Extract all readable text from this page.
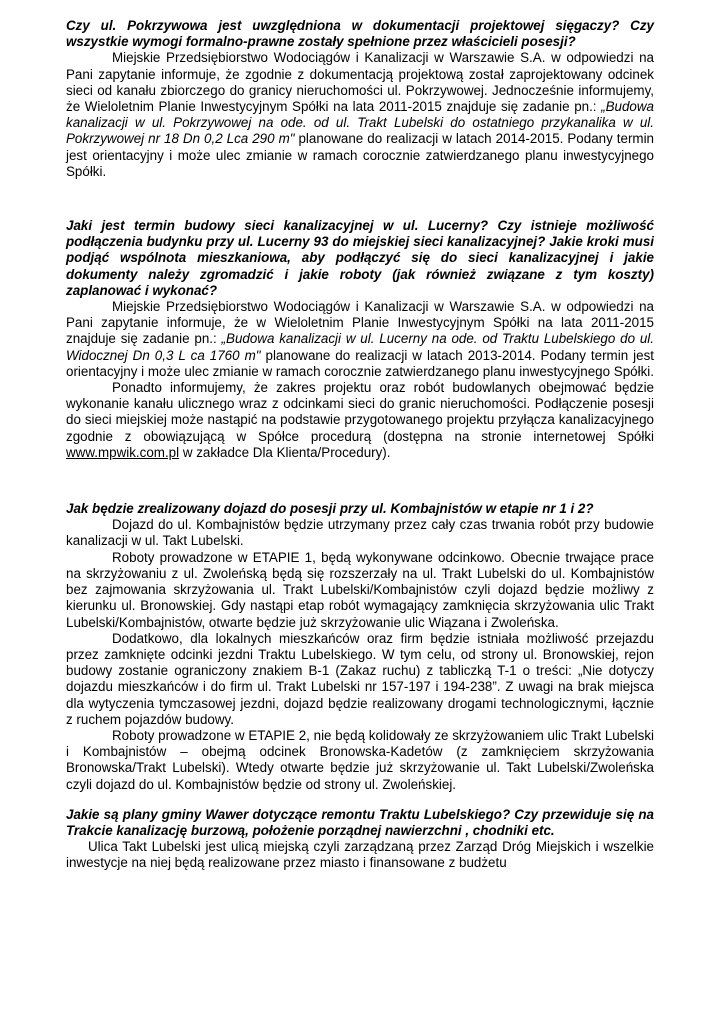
Czy ul. Pokrzywowa jest uwzględniona w dokumentacji projektowej sięgaczy? Czy wszystkie wymogi formalno-prawne zostały spełnione przez właścicieli posesji?

Miejskie Przedsiębiorstwo Wodociągów i Kanalizacji w Warszawie S.A. w odpowiedzi na Pani zapytanie informuje, że zgodnie z dokumentacją projektową został zaprojektowany odcinek sieci od kanału zbiorczego do granicy nieruchomości ul. Pokrzywowej. Jednocześnie informujemy, że Wieloletnim Planie Inwestycyjnym Spółki na lata 2011-2015 znajduje się zadanie pn.: „Budowa kanalizacji w ul. Pokrzywowej na ode. od ul. Trakt Lubelski do ostatniego przykanalika w ul. Pokrzywowej nr 18 Dn 0,2 Lca 290 m" planowane do realizacji w latach 2014-2015. Podany termin jest orientacyjny i może ulec zmianie w ramach corocznie zatwierdzanego planu inwestycyjnego Spółki.

Jaki jest termin budowy sieci kanalizacyjnej w ul. Lucerny? Czy istnieje możliwość podłączenia budynku przy ul. Lucerny 93 do miejskiej sieci kanalizacyjnej? Jakie kroki musi podjąć wspólnota mieszkaniowa, aby podłączyć się do sieci kanalizacyjnej i jakie dokumenty należy zgromadzić i jakie roboty (jak również związane z tym koszty) zaplanować i wykonać?

Miejskie Przedsiębiorstwo Wodociągów i Kanalizacji w Warszawie S.A. w odpowiedzi na Pani zapytanie informuje, że w Wieloletnim Planie Inwestycyjnym Spółki na lata 2011-2015 znajduje się zadanie pn.: „Budowa kanalizacji w ul. Lucerny na ode. od Traktu Lubelskiego do ul. Widocznej Dn 0,3 L ca 1760 m" planowane do realizacji w latach 2013-2014. Podany termin jest orientacyjny i może ulec zmianie w ramach corocznie zatwierdzanego planu inwestycyjnego Spółki.

Ponadto informujemy, że zakres projektu oraz robót budowlanych obejmować będzie wykonanie kanału ulicznego wraz z odcinkami sieci do granic nieruchomości. Podłączenie posesji do sieci miejskiej może nastąpić na podstawie przygotowanego projektu przyłącza kanalizacyjnego zgodnie z obowiązującą w Spółce procedurą (dostępna na stronie internetowej Spółki www.mpwik.com.pl w zakładce Dla Klienta/Procedury).

Jak będzie zrealizowany dojazd do posesji przy ul. Kombajnistów w etapie nr 1 i 2?

Dojazd do ul. Kombajnistów będzie utrzymany przez cały czas trwania robót przy budowie kanalizacji w ul. Takt Lubelski.

Roboty prowadzone w ETAPIE 1, będą wykonywane odcinkowo. Obecnie trwające prace na skrzyżowaniu z ul. Zwoleńską będą się rozszerzały na ul. Trakt Lubelski do ul. Kombajnistów bez zajmowania skrzyżowania ul. Trakt Lubelski/Kombajnistów czyli dojazd będzie możliwy z kierunku ul. Bronowskiej. Gdy nastąpi etap robót wymagający zamknięcia skrzyżowania ulic Trakt Lubelski/Kombajnistów, otwarte będzie już skrzyżowanie ulic Wiązana i Zwoleńska.

Dodatkowo, dla lokalnych mieszkańców oraz firm będzie istniała możliwość przejazdu przez zamknięte odcinki jezdni Traktu Lubelskiego. W tym celu, od strony ul. Bronowskiej, rejon budowy zostanie ograniczony znakiem B-1 (Zakaz ruchu) z tabliczką T-1 o treści: „Nie dotyczy dojazdu mieszkańców i do firm ul. Trakt Lubelski nr 157-197 i 194-238”. Z uwagi na brak miejsca dla wytyczenia tymczasowej jezdni, dojazd będzie realizowany drogami technologicznymi, łącznie z ruchem pojazdów budowy.

Roboty prowadzone w ETAPIE 2, nie będą kolidowały ze skrzyżowaniem ulic Trakt Lubelski i Kombajnistów – obejmą odcinek Bronowska-Kadetów (z zamknięciem skrzyżowania Bronowska/Trakt Lubelski). Wtedy otwarte będzie już skrzyżowanie ul. Takt Lubelski/Zwoleńska czyli dojazd do ul. Kombajnistów będzie od strony ul. Zwoleńskiej.

Jakie są plany gminy Wawer dotyczące remontu Traktu Lubelskiego? Czy przewiduje się na Trakcie kanalizację burzową, położenie porządnej nawierzchni , chodniki etc.

Ulica Takt Lubelski jest ulicą miejską czyli zarządzaną przez Zarząd Dróg Miejskich i wszelkie inwestycje na niej będą realizowane przez miasto i finansowane z budżetu
